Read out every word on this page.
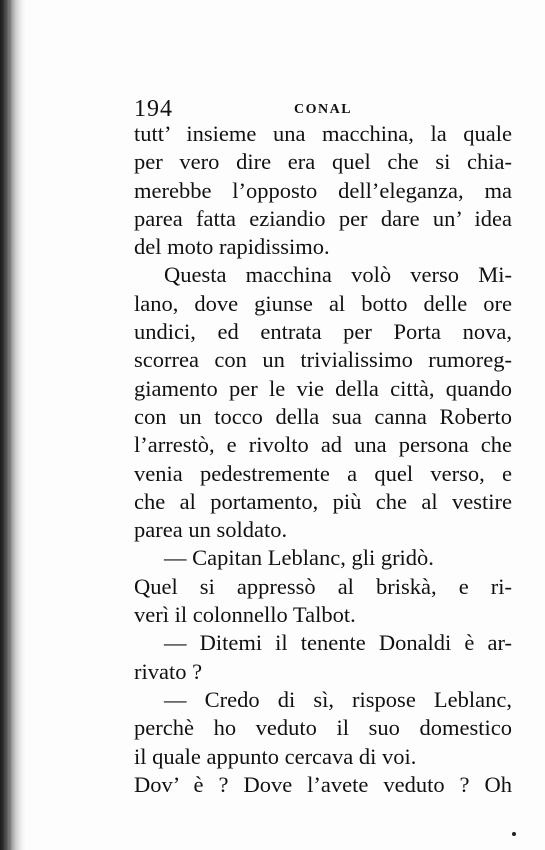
194	CONAL
tutt’ insieme una macchina, la quale
per vero dire era quel che si chia-
merebbe l’opposto dell’eleganza, ma
parea fatta eziandio per dare un’ idea
del moto rapidissimo.
Questa macchina volò verso Mi-
lano, dove giunse al botto delle ore
undici, ed entrata per Porta nova,
scorrea con un trivialissimo rumoreg-
giamento per le vie della città, quando
con un tocco della sua canna Roberto
l’arrestò, e rivolto ad una persona che
venia pedestremente a quel verso, e
che al portamento, più che al vestire
parea un soldato.
— Capitan Leblanc, gli gridò.
Quel si appressò al briskà, e ri-
verì il colonnello Talbot.
— Ditemi il tenente Donaldi è ar-
rivato ?
— Credo di sì, rispose Leblanc,
perchè ho veduto il suo domestico
il quale appunto cercava di voi.
Dov’ è ? Dove l’avete veduto ? Oh
